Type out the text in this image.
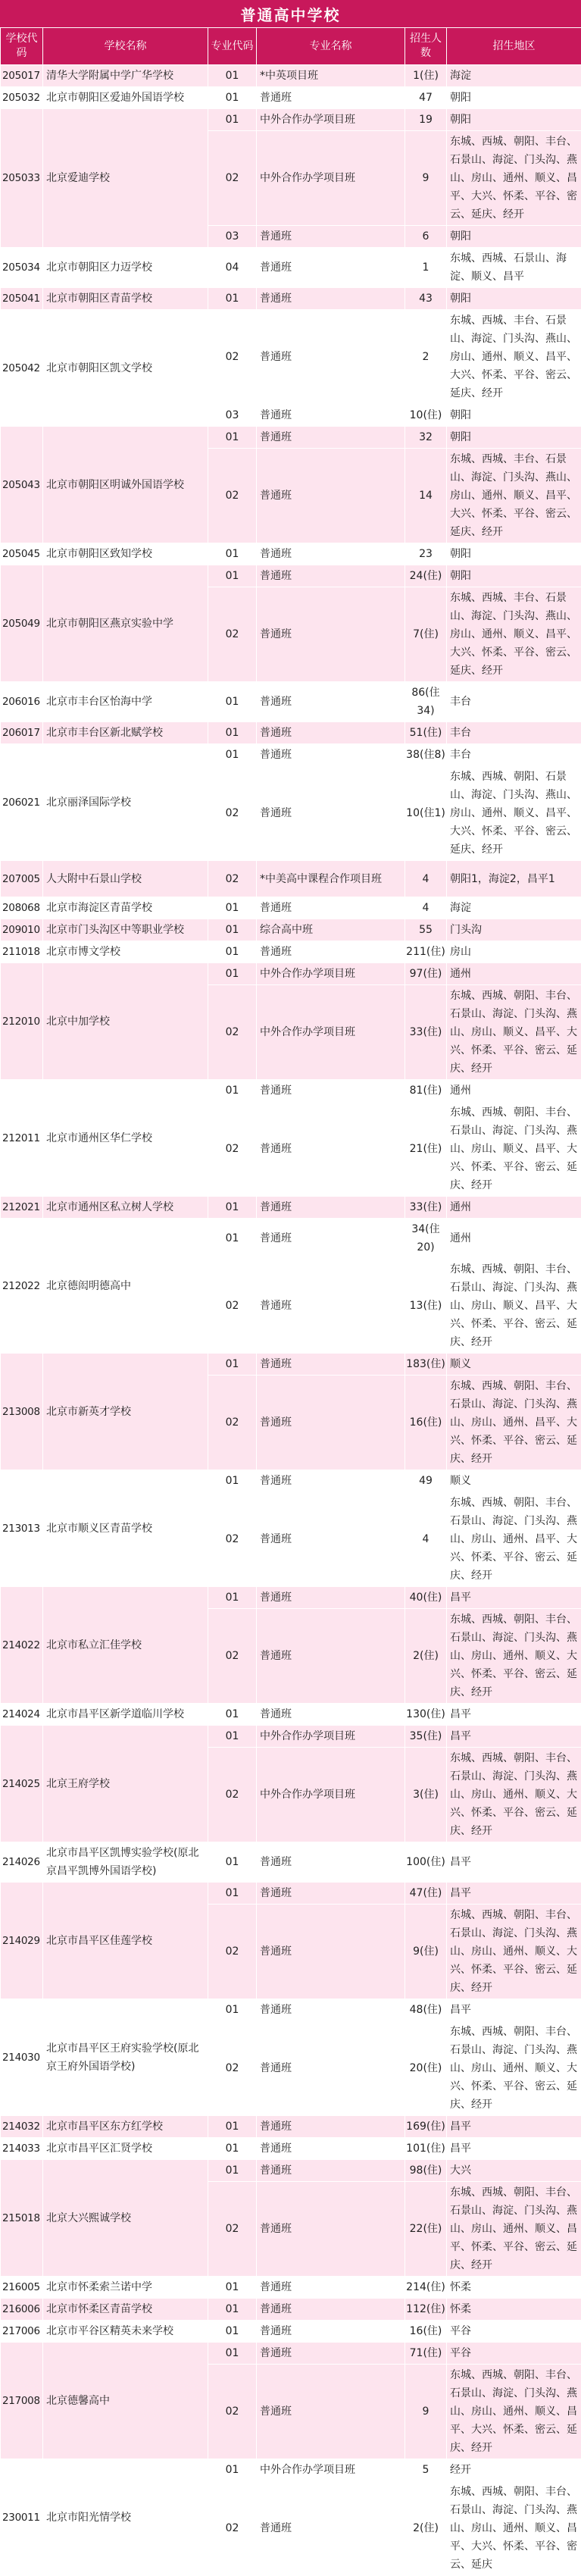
普通高中学校
学校代码	学校名称	专业代码	专业名称	招生人数	招生地区
205017	清华大学附属中学广华学校	01	*中英项目班	1(住)	海淀
205032	北京市朝阳区爱迪外国语学校	01	普通班	47	朝阳
205033	北京爱迪学校	01	中外合作办学项目班	19	朝阳
		02	中外合作办学项目班	9	东城、西城、朝阳、丰台、石景山、海淀、门头沟、燕山、房山、通州、顺义、昌平、大兴、怀柔、平谷、密云、延庆、经开
		03	普通班	6	朝阳
205034	北京市朝阳区力迈学校	04	普通班	1	东城、西城、石景山、海淀、顺义、昌平
205041	北京市朝阳区青苗学校	01	普通班	43	朝阳
205042	北京市朝阳区凯文学校	02	普通班	2	东城、西城、丰台、石景山、海淀、门头沟、燕山、房山、通州、顺义、昌平、大兴、怀柔、平谷、密云、延庆、经开
		03	普通班	10(住)	朝阳
205043	北京市朝阳区明诚外国语学校	01	普通班	32	朝阳
		02	普通班	14	东城、西城、丰台、石景山、海淀、门头沟、燕山、房山、通州、顺义、昌平、大兴、怀柔、平谷、密云、延庆、经开
205045	北京市朝阳区致知学校	01	普通班	23	朝阳
205049	北京市朝阳区燕京实验中学	01	普通班	24(住)	朝阳
		02	普通班	7(住)	东城、西城、丰台、石景山、海淀、门头沟、燕山、房山、通州、顺义、昌平、大兴、怀柔、平谷、密云、延庆、经开
206016	北京市丰台区怡海中学	01	普通班	86(住34)	丰台
206017	北京市丰台区新北赋学校	01	普通班	51(住)	丰台
206021	北京丽泽国际学校	01	普通班	38(住8)	丰台
		02	普通班	10(住1)	东城、西城、朝阳、石景山、海淀、门头沟、燕山、房山、通州、顺义、昌平、大兴、怀柔、平谷、密云、延庆、经开
207005	人大附中石景山学校	02	*中美高中课程合作项目班	4	朝阳1，海淀2，昌平1
208068	北京市海淀区青苗学校	01	普通班	4	海淀
209010	北京市门头沟区中等职业学校	01	综合高中班	55	门头沟
211018	北京市博文学校	01	普通班	211(住)	房山
212010	北京中加学校	01	中外合作办学项目班	97(住)	通州
		02	中外合作办学项目班	33(住)	东城、西城、朝阳、丰台、石景山、海淀、门头沟、燕山、房山、顺义、昌平、大兴、怀柔、平谷、密云、延庆、经开
212011	北京市通州区华仁学校	01	普通班	81(住)	通州
		02	普通班	21(住)	东城、西城、朝阳、丰台、石景山、海淀、门头沟、燕山、房山、顺义、昌平、大兴、怀柔、平谷、密云、延庆、经开
212021	北京市通州区私立树人学校	01	普通班	33(住)	通州
212022	北京德闳明德高中	01	普通班	34(住20)	通州
		02	普通班	13(住)	东城、西城、朝阳、丰台、石景山、海淀、门头沟、燕山、房山、顺义、昌平、大兴、怀柔、平谷、密云、延庆、经开
213008	北京市新英才学校	01	普通班	183(住)	顺义
		02	普通班	16(住)	东城、西城、朝阳、丰台、石景山、海淀、门头沟、燕山、房山、通州、昌平、大兴、怀柔、平谷、密云、延庆、经开
213013	北京市顺义区青苗学校	01	普通班	49	顺义
		02	普通班	4	东城、西城、朝阳、丰台、石景山、海淀、门头沟、燕山、房山、通州、昌平、大兴、怀柔、平谷、密云、延庆、经开
214022	北京市私立汇佳学校	01	普通班	40(住)	昌平
		02	普通班	2(住)	东城、西城、朝阳、丰台、石景山、海淀、门头沟、燕山、房山、通州、顺义、大兴、怀柔、平谷、密云、延庆、经开
214024	北京市昌平区新学道临川学校	01	普通班	130(住)	昌平
214025	北京王府学校	01	中外合作办学项目班	35(住)	昌平
		02	中外合作办学项目班	3(住)	东城、西城、朝阳、丰台、石景山、海淀、门头沟、燕山、房山、通州、顺义、大兴、怀柔、平谷、密云、延庆、经开
214026	北京市昌平区凯博实验学校(原北京昌平凯博外国语学校)	01	普通班	100(住)	昌平
214029	北京市昌平区佳莲学校	01	普通班	47(住)	昌平
		02	普通班	9(住)	东城、西城、朝阳、丰台、石景山、海淀、门头沟、燕山、房山、通州、顺义、大兴、怀柔、平谷、密云、延庆、经开
214030	北京市昌平区王府实验学校(原北京王府外国语学校)	01	普通班	48(住)	昌平
		02	普通班	20(住)	东城、西城、朝阳、丰台、石景山、海淀、门头沟、燕山、房山、通州、顺义、大兴、怀柔、平谷、密云、延庆、经开
214032	北京市昌平区东方红学校	01	普通班	169(住)	昌平
214033	北京市昌平区汇贤学校	01	普通班	101(住)	昌平
215018	北京大兴熙诚学校	01	普通班	98(住)	大兴
		02	普通班	22(住)	东城、西城、朝阳、丰台、石景山、海淀、门头沟、燕山、房山、通州、顺义、昌平、怀柔、平谷、密云、延庆、经开
216005	北京市怀柔索兰诺中学	01	普通班	214(住)	怀柔
216006	北京市怀柔区青苗学校	01	普通班	112(住)	怀柔
217006	北京市平谷区精英未来学校	01	普通班	16(住)	平谷
217008	北京德馨高中	01	普通班	71(住)	平谷
		02	普通班	9	东城、西城、朝阳、丰台、石景山、海淀、门头沟、燕山、房山、通州、顺义、昌平、大兴、怀柔、密云、延庆、经开
230011	北京市阳光情学校	01	中外合作办学项目班	5	经开
		02	普通班	2(住)	东城、西城、朝阳、丰台、石景山、海淀、门头沟、燕山、房山、通州、顺义、昌平、大兴、怀柔、平谷、密云、延庆
